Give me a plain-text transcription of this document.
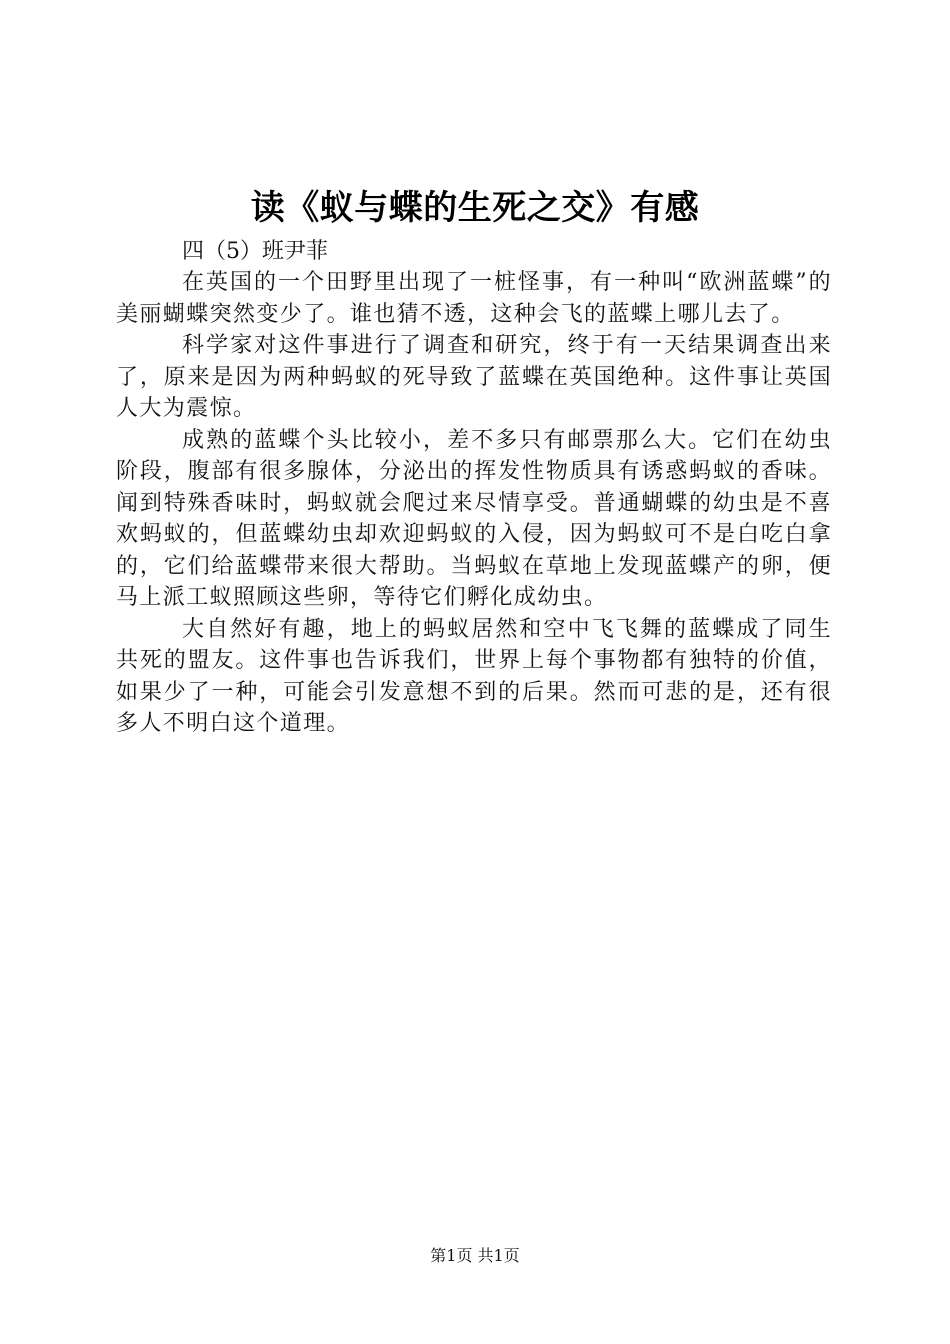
读《蚁与蝶的生死之交》有感

四（5）班尹菲

在英国的一个田野里出现了一桩怪事，有一种叫“欧洲蓝蝶”的美丽蝴蝶突然变少了。谁也猜不透，这种会飞的蓝蝶上哪儿去了。

科学家对这件事进行了调查和研究，终于有一天结果调查出来了，原来是因为两种蚂蚁的死导致了蓝蝶在英国绝种。这件事让英国人大为震惊。

成熟的蓝蝶个头比较小，差不多只有邮票那么大。它们在幼虫阶段，腹部有很多腺体，分泌出的挥发性物质具有诱惑蚂蚁的香味。闻到特殊香味时，蚂蚁就会爬过来尽情享受。普通蝴蝶的幼虫是不喜欢蚂蚁的，但蓝蝶幼虫却欢迎蚂蚁的入侵，因为蚂蚁可不是白吃白拿的，它们给蓝蝶带来很大帮助。当蚂蚁在草地上发现蓝蝶产的卵，便马上派工蚁照顾这些卵，等待它们孵化成幼虫。

大自然好有趣，地上的蚂蚁居然和空中飞飞舞的蓝蝶成了同生共死的盟友。这件事也告诉我们，世界上每个事物都有独特的价值，如果少了一种，可能会引发意想不到的后果。然而可悲的是，还有很多人不明白这个道理。

第1页 共1页
